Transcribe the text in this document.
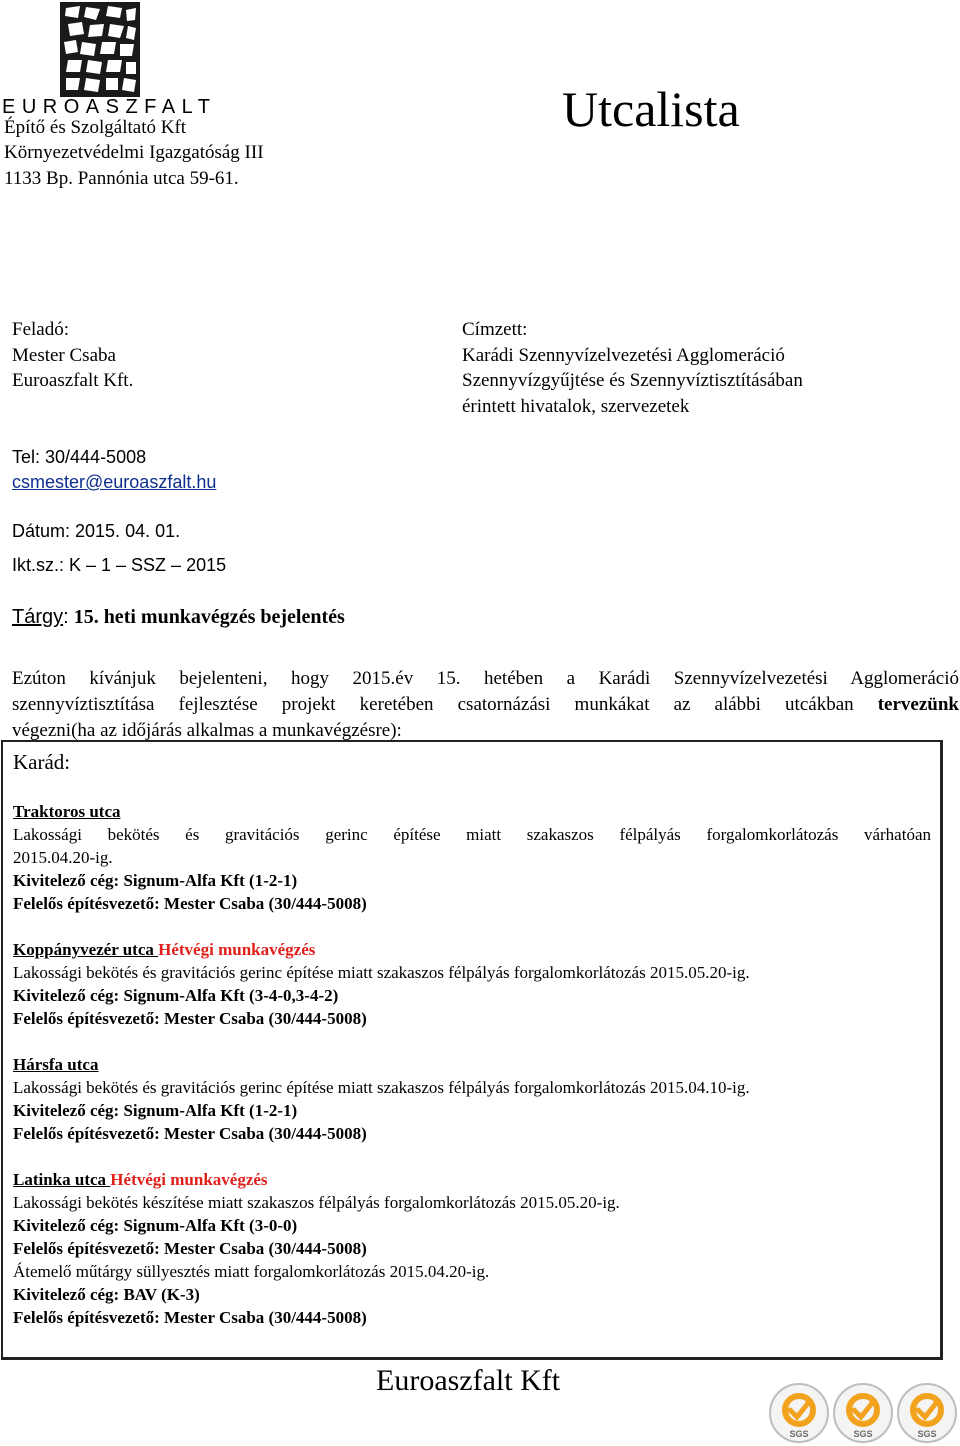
EUROASZFALT
Építő és Szolgáltató Kft
Környezetvédelmi Igazgatóság III
1133 Bp. Pannónia utca 59-61.
Utcalista
Feladó:
Mester Csaba
Euroaszfalt Kft.
Címzett:
Karádi Szennyvízelvezetési Agglomeráció
Szennyvízgyűjtése és Szennyvíztisztításában
érintett hivatalok, szervezetek
Tel: 30/444-5008
csmester@euroaszfalt.hu
Dátum: 2015. 04. 01.
Ikt.sz.: K – 1 – SSZ – 2015
Tárgy: 15. heti munkavégzés bejelentés
Ezúton kívánjuk bejelenteni, hogy 2015.év 15. hetében a Karádi Szennyvízelvezetési Agglomeráció
szennyvíztisztítása fejlesztése projekt keretében csatornázási munkákat az alábbi utcákban tervezünk
végezni(ha az időjárás alkalmas a munkavégzésre):
Karád:
Traktoros utca
Lakossági bekötés és gravitációs gerinc építése miatt szakaszos félpályás forgalomkorlátozás várhatóan
2015.04.20-ig.
Kivitelező cég: Signum-Alfa Kft (1-2-1)
Felelős építésvezető: Mester Csaba (30/444-5008)
Koppányvezér utca Hétvégi munkavégzés
Lakossági bekötés és gravitációs gerinc építése miatt szakaszos félpályás forgalomkorlátozás 2015.05.20-ig.
Kivitelező cég: Signum-Alfa Kft (3-4-0,3-4-2)
Felelős építésvezető: Mester Csaba (30/444-5008)
Hársfa utca
Lakossági bekötés és gravitációs gerinc építése miatt szakaszos félpályás forgalomkorlátozás 2015.04.10-ig.
Kivitelező cég: Signum-Alfa Kft (1-2-1)
Felelős építésvezető: Mester Csaba (30/444-5008)
Latinka utca Hétvégi munkavégzés
Lakossági bekötés készítése miatt szakaszos félpályás forgalomkorlátozás 2015.05.20-ig.
Kivitelező cég: Signum-Alfa Kft (3-0-0)
Felelős építésvezető: Mester Csaba (30/444-5008)
Átemelő műtárgy süllyesztés miatt forgalomkorlátozás 2015.04.20-ig.
Kivitelező cég: BAV (K-3)
Felelős építésvezető: Mester Csaba (30/444-5008)
Euroaszfalt Kft
SGS	SGS	SGS
